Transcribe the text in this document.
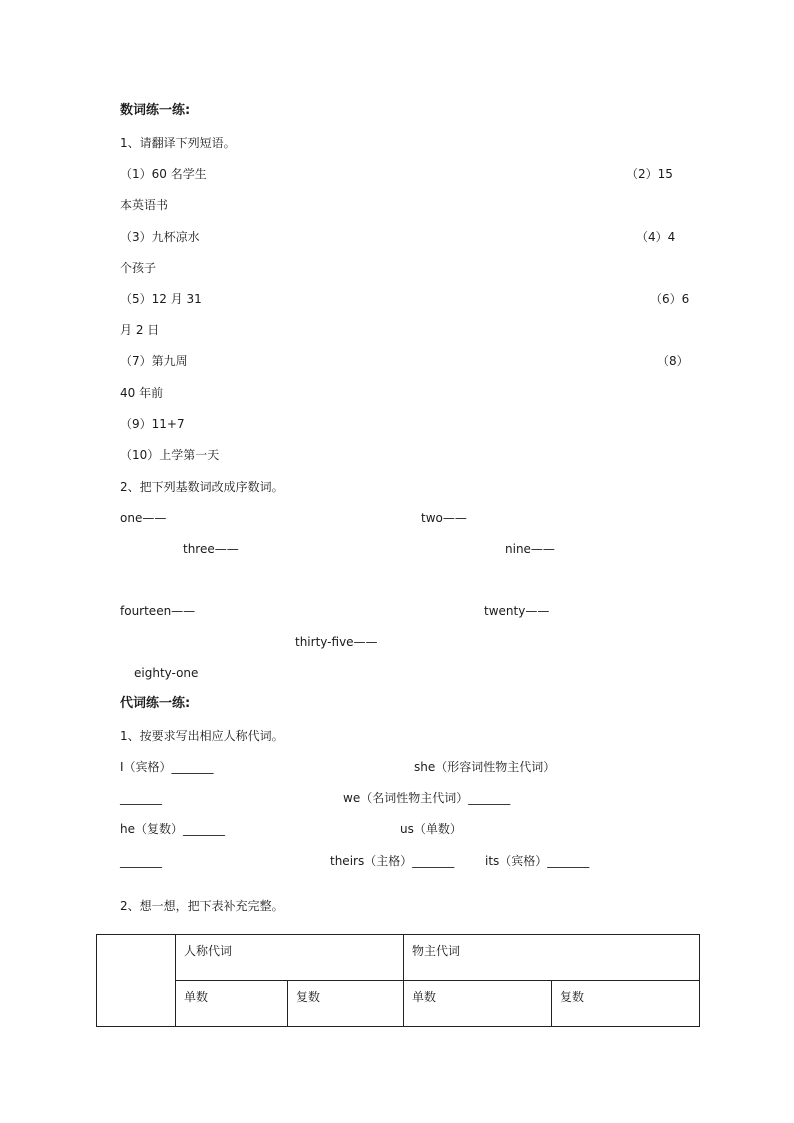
数词练一练:
1、请翻译下列短语。
（1）60 名学生	（2）15
本英语书
（3）九杯凉水	（4）4
个孩子
（5）12 月 31	（6）6
月 2 日
（7）第九周	（8）
40 年前
（9）11+7
（10）上学第一天
2、把下列基数词改成序数词。
one——	two——
three——	nine——
fourteen——	twenty——
thirty-five——
eighty-one
代词练一练:
1、按要求写出相应人称代词。
I（宾格）_______	she（形容词性物主代词）
_______	we（名词性物主代词）_______
he（复数）_______	us（单数）
_______	theirs（主格）_______	its（宾格）_______
2、想一想，把下表补充完整。
	人称代词		物主代词	
	单数	复数	单数	复数
